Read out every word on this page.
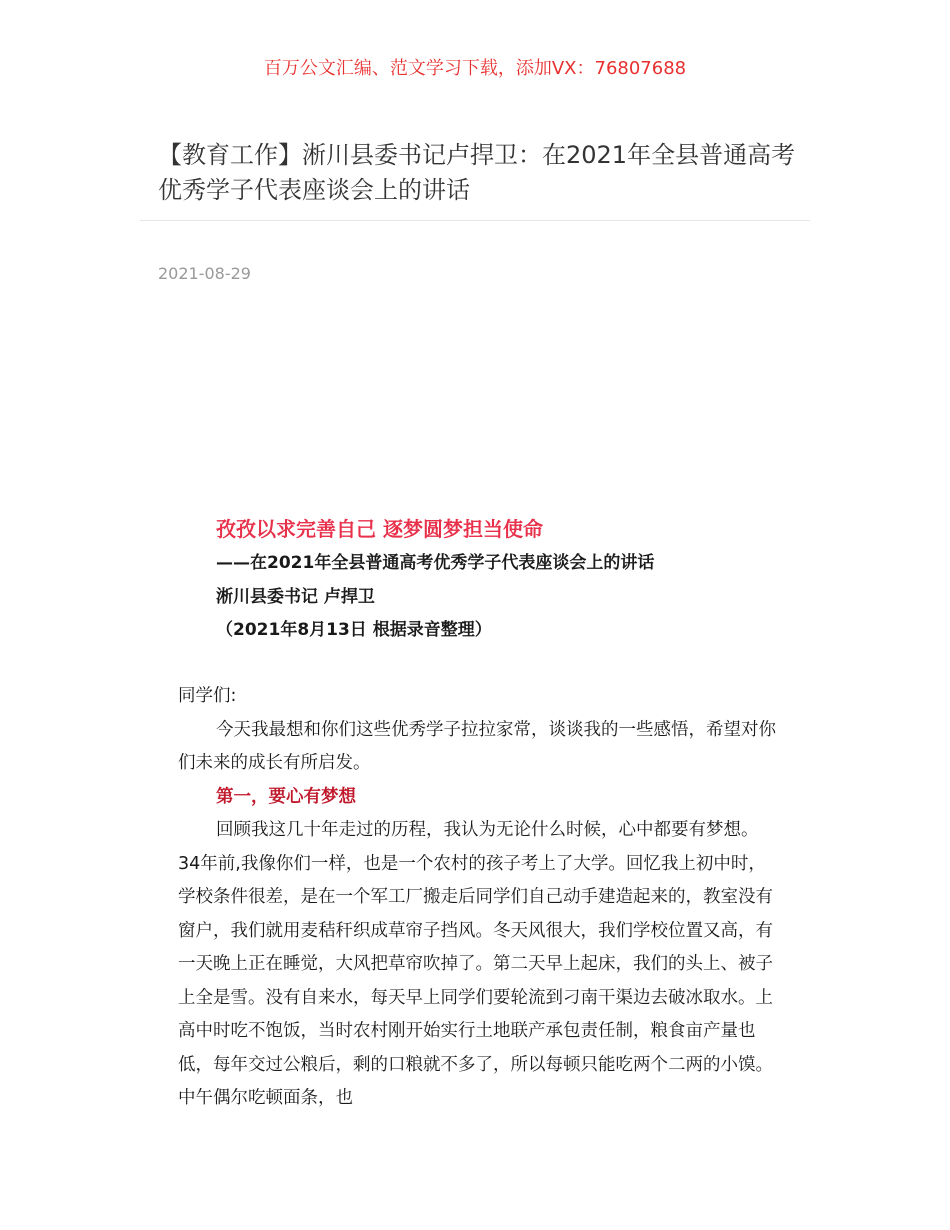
百万公文汇编、范文学习下载，添加VX：76807688
【教育工作】淅川县委书记卢捍卫：在2021年全县普通高考优秀学子代表座谈会上的讲话
2021-08-29
孜孜以求完善自己 逐梦圆梦担当使命
——在2021年全县普通高考优秀学子代表座谈会上的讲话
淅川县委书记 卢捍卫
（2021年8月13日 根据录音整理）

同学们:

今天我最想和你们这些优秀学子拉拉家常，谈谈我的一些感悟，希望对你们未来的成长有所启发。

第一，要心有梦想

回顾我这几十年走过的历程，我认为无论什么时候，心中都要有梦想。34年前,我像你们一样，也是一个农村的孩子考上了大学。回忆我上初中时，学校条件很差，是在一个军工厂搬走后同学们自己动手建造起来的，教室没有窗户，我们就用麦秸秆织成草帘子挡风。冬天风很大，我们学校位置又高，有一天晚上正在睡觉，大风把草帘吹掉了。第二天早上起床，我们的头上、被子上全是雪。没有自来水，每天早上同学们要轮流到刁南干渠边去破冰取水。上高中时吃不饱饭，当时农村刚开始实行土地联产承包责任制，粮食亩产量也低，每年交过公粮后，剩的口粮就不多了，所以每顿只能吃两个二两的小馍。中午偶尔吃顿面条，也
